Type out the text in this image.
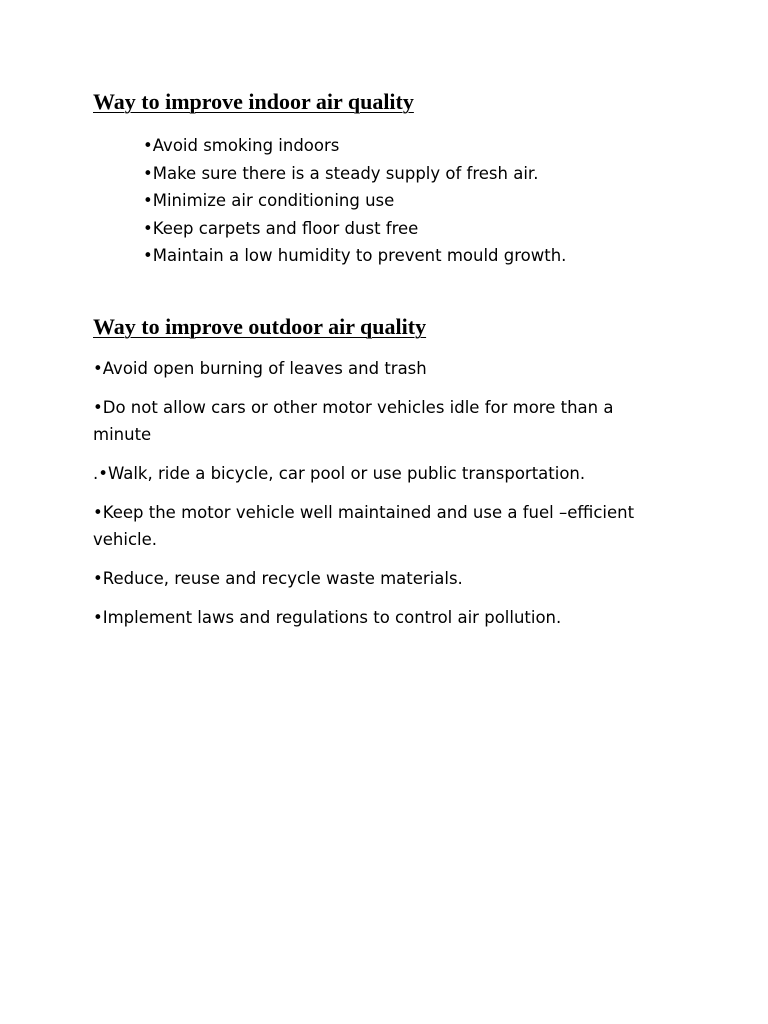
Way to improve indoor air quality
•Avoid smoking indoors
•Make sure there is a steady supply of fresh air.
•Minimize air conditioning use
•Keep carpets and floor dust free
•Maintain a low humidity to prevent mould growth.
Way to improve outdoor air quality
•Avoid open burning of leaves and trash
•Do not allow cars or other motor vehicles idle for more than a minute
.•Walk, ride a bicycle, car pool or use public transportation.
•Keep the motor vehicle well maintained and use a fuel –efficient vehicle.
•Reduce, reuse and recycle waste materials.
•Implement laws and regulations to control air pollution.
